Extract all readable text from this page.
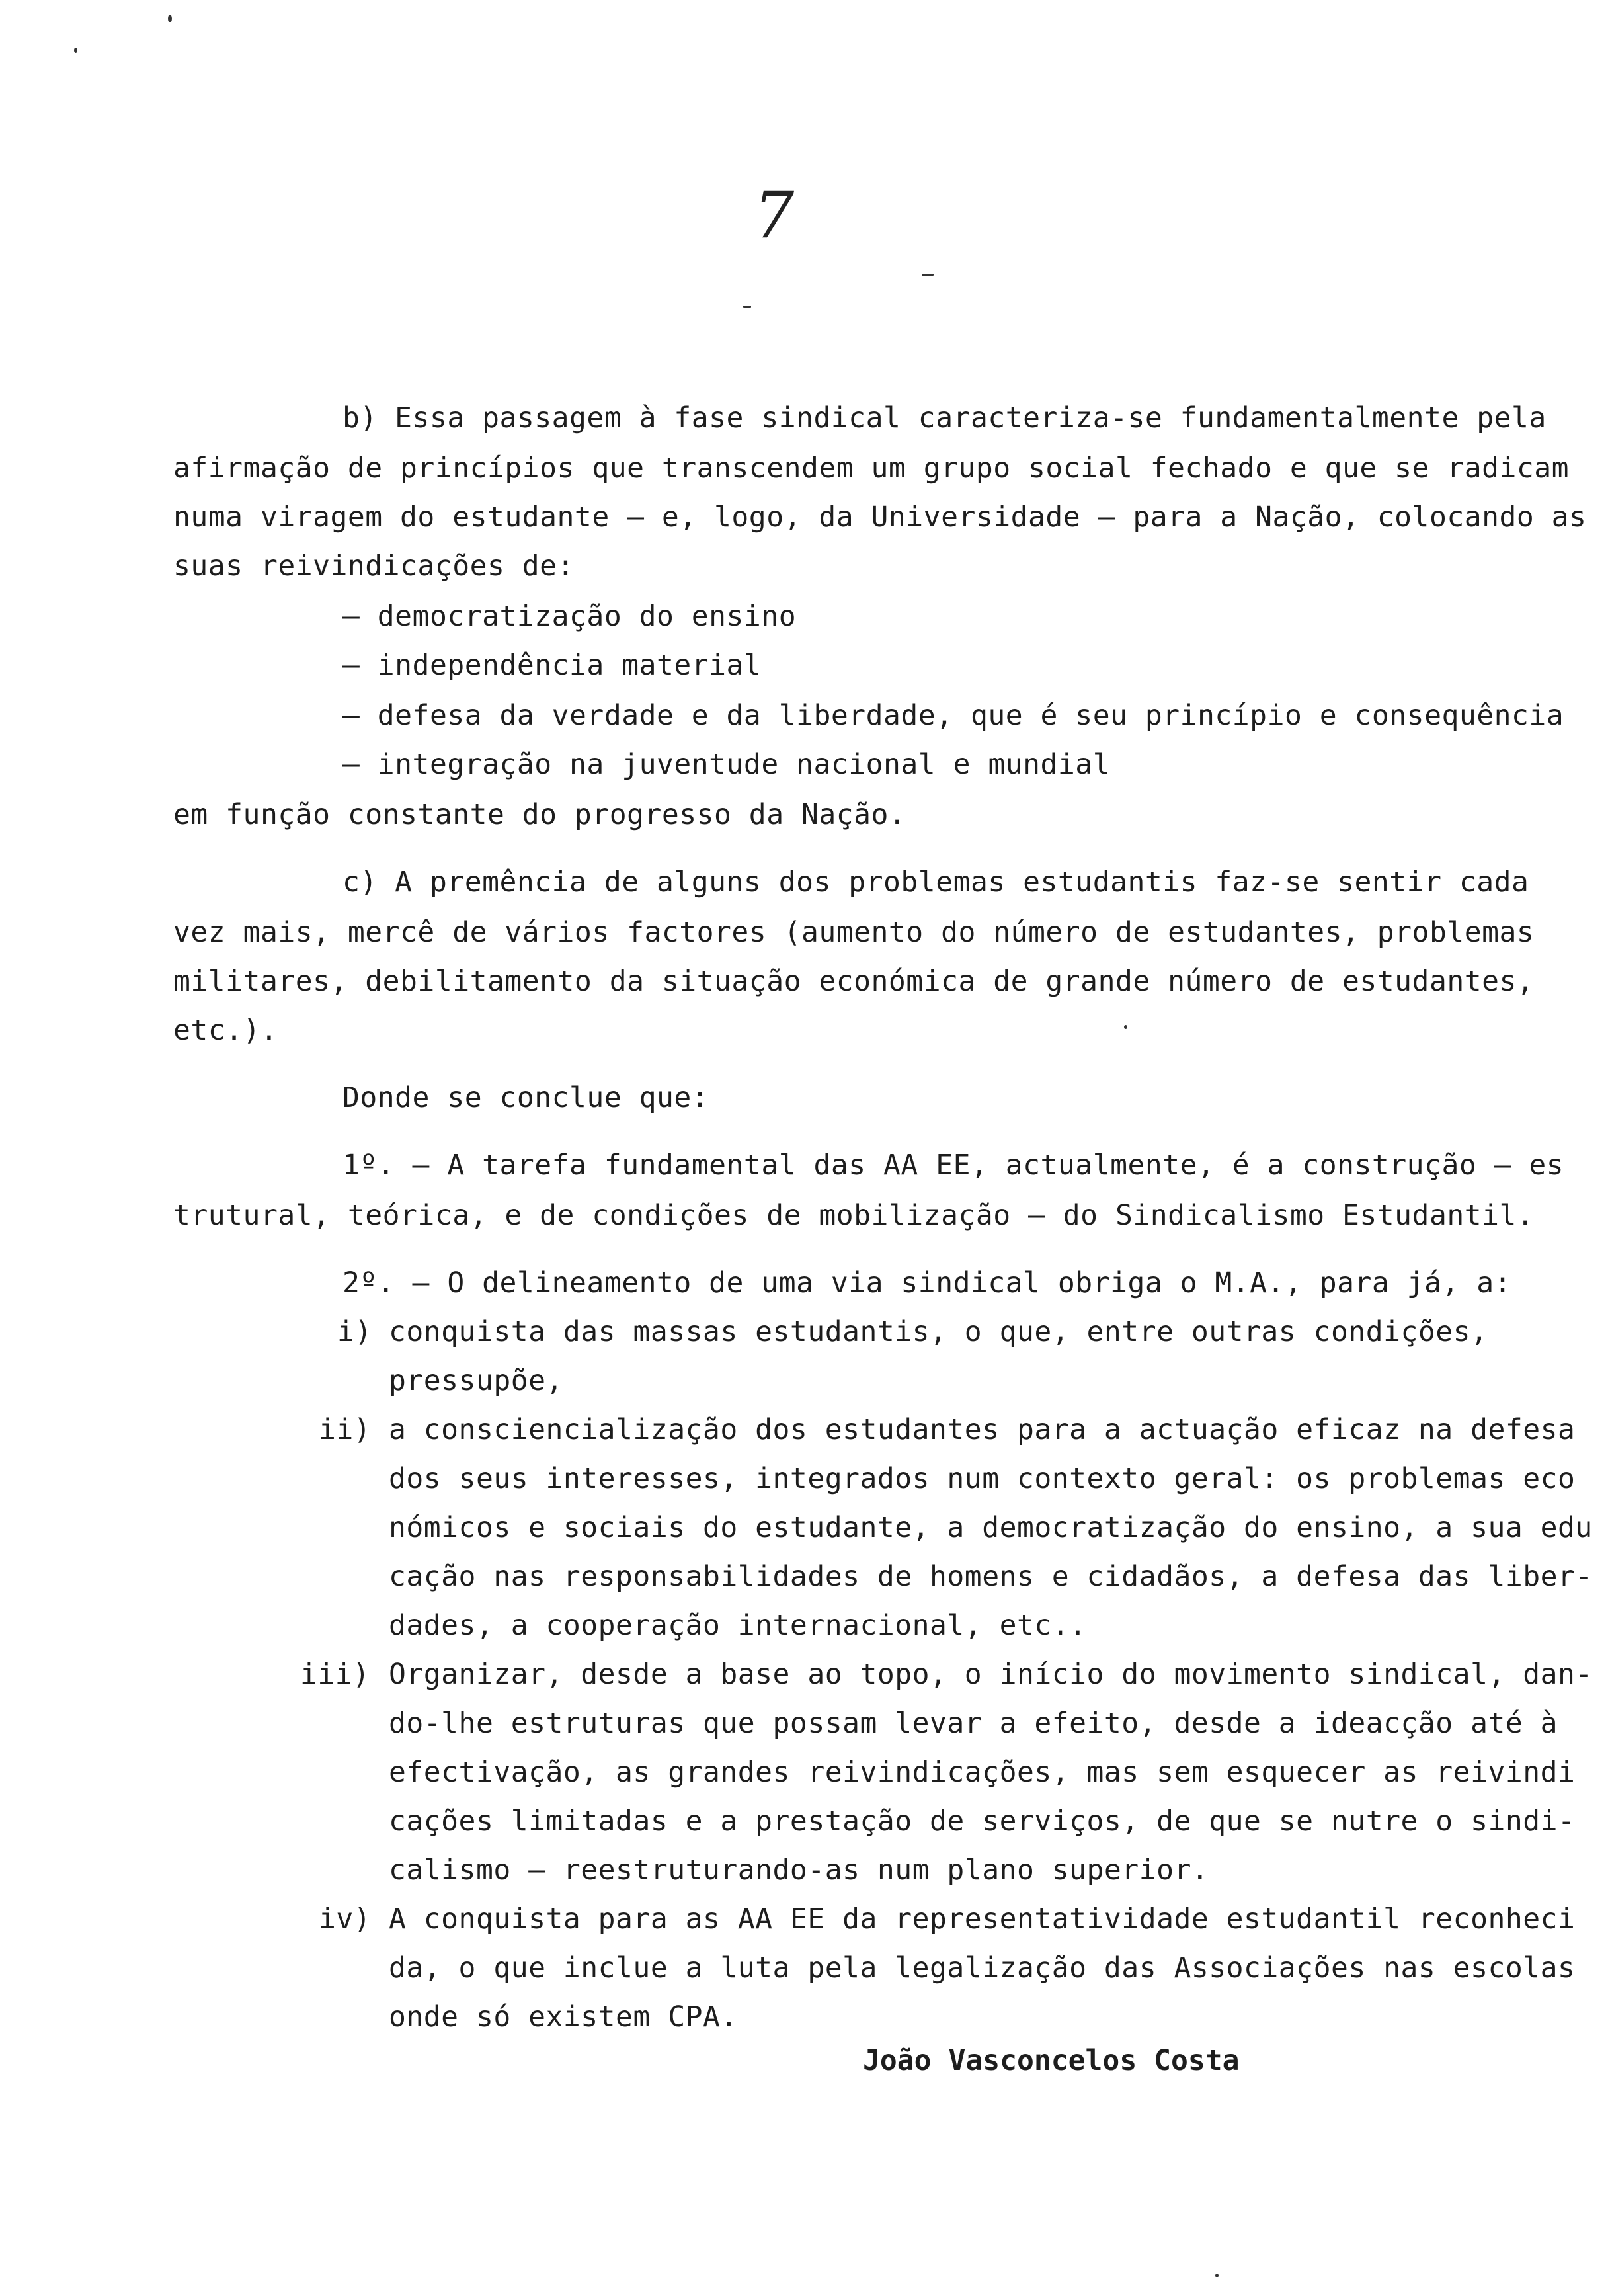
7
b) Essa passagem à fase sindical caracteriza-se fundamentalmente pela
afirmação de princípios que transcendem um grupo social fechado e que se radicam
numa viragem do estudante – e, logo, da Universidade – para a Nação, colocando as
suas reivindicações de:
– democratização do ensino
– independência material
– defesa da verdade e da liberdade, que é seu princípio e consequência
– integração na juventude nacional e mundial
em função constante do progresso da Nação.
c) A premência de alguns dos problemas estudantis faz-se sentir cada
vez mais, mercê de vários factores (aumento do número de estudantes, problemas
militares, debilitamento da situação económica de grande número de estudantes,
etc.).
Donde se conclue que:
1º. – A tarefa fundamental das AA EE, actualmente, é a construção – es
trutural, teórica, e de condições de mobilização – do Sindicalismo Estudantil.
2º. – O delineamento de uma via sindical obriga o M.A., para já, a:
i) conquista das massas estudantis, o que, entre outras condições,
pressupõe,
ii) a consciencialização dos estudantes para a actuação eficaz na defesa
dos seus interesses, integrados num contexto geral: os problemas eco
nómicos e sociais do estudante, a democratização do ensino, a sua edu
cação nas responsabilidades de homens e cidadãos, a defesa das liber-
dades, a cooperação internacional, etc..
iii) Organizar, desde a base ao topo, o início do movimento sindical, dan-
do-lhe estruturas que possam levar a efeito, desde a ideacção até à
efectivação, as grandes reivindicações, mas sem esquecer as reivindi
cações limitadas e a prestação de serviços, de que se nutre o sindi-
calismo – reestruturando-as num plano superior.
iv) A conquista para as AA EE da representatividade estudantil reconheci
da, o que inclue a luta pela legalização das Associações nas escolas
onde só existem CPA.
João Vasconcelos Costa
